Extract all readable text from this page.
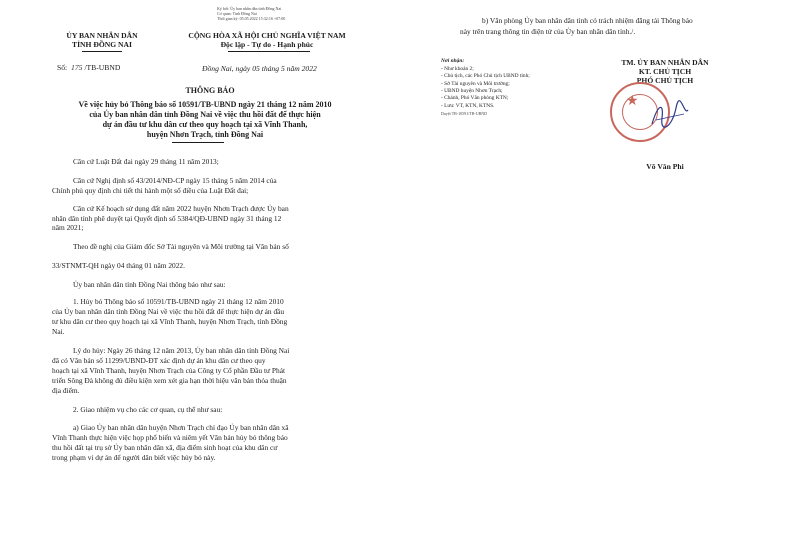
Ký bởi: Ủy ban nhân dân tỉnh Đồng Nai
Cơ quan: Tỉnh Đồng Nai
Thời gian ký: 05.05.2022 15:32:16 +07:00
ỦY BAN NHÂN DÂN
TỈNH ĐỒNG NAI
CỘNG HÒA XÃ HỘI CHỦ NGHĨA VIỆT NAM
Độc lập - Tự do - Hạnh phúc
Số: 175 /TB-UBND	Đồng Nai, ngày 05 tháng 5 năm 2022
THÔNG BÁO
Về việc hủy bỏ Thông báo số 10591/TB-UBND ngày 21 tháng 12 năm 2010
của Ủy ban nhân dân tỉnh Đồng Nai về việc thu hồi đất để thực hiện
dự án đầu tư khu dân cư theo quy hoạch tại xã Vĩnh Thanh,
huyện Nhơn Trạch, tỉnh Đồng Nai
Căn cứ Luật Đất đai ngày 29 tháng 11 năm 2013;
Căn cứ Nghị định số 43/2014/NĐ-CP ngày 15 tháng 5 năm 2014 của
Chính phủ quy định chi tiết thi hành một số điều của Luật Đất đai;
Căn cứ Kế hoạch sử dụng đất năm 2022 huyện Nhơn Trạch được Ủy ban
nhân dân tỉnh phê duyệt tại Quyết định số 5384/QĐ-UBND ngày 31 tháng 12
năm 2021;
Theo đề nghị của Giám đốc Sở Tài nguyên và Môi trường tại Văn bản số
33/STNMT-QH ngày 04 tháng 01 năm 2022.
Ủy ban nhân dân tỉnh Đồng Nai thông báo như sau:
1. Hủy bỏ Thông báo số 10591/TB-UBND ngày 21 tháng 12 năm 2010
của Ủy ban nhân dân tỉnh Đồng Nai về việc thu hồi đất để thực hiện dự án đầu
tư khu dân cư theo quy hoạch tại xã Vĩnh Thanh, huyện Nhơn Trạch, tỉnh Đồng
Nai.
Lý do hủy: Ngày 26 tháng 12 năm 2013, Ủy ban nhân dân tỉnh Đồng Nai
đã có Văn bản số 11299/UBND-ĐT xác định dự án khu dân cư theo quy
hoạch tại xã Vĩnh Thanh, huyện Nhơn Trạch của Công ty Cổ phần Đầu tư Phát
triển Sông Đà không đủ điều kiện xem xét gia hạn thời hiệu văn bản thỏa thuận
địa điểm.
2. Giao nhiệm vụ cho các cơ quan, cụ thể như sau:
a) Giao Ủy ban nhân dân huyện Nhơn Trạch chỉ đạo Ủy ban nhân dân xã
Vĩnh Thanh thực hiện việc họp phổ biến và niêm yết Văn bản hủy bỏ thông báo
thu hồi đất tại trụ sở Ủy ban nhân dân xã, địa điểm sinh hoạt của khu dân cư
trong phạm vi dự án để người dân biết việc hủy bỏ này.
b) Văn phòng Ủy ban nhân dân tỉnh có trách nhiệm đăng tải Thông báo
này trên trang thông tin điện tử của Ủy ban nhân dân tỉnh./.
Nơi nhận:
- Như khoản 2;
- Chủ tịch, các Phó Chủ tịch UBND tỉnh;
- Sở Tài nguyên và Môi trường;
- UBND huyện Nhơn Trạch;
- Chánh, Phó Văn phòng KTN;
- Lưu: VT, KTN, KTNS.
Duyệt TB-10591/TB-UBND
TM. ỦY BAN NHÂN DÂN
KT. CHỦ TỊCH
PHÓ CHỦ TỊCH
★
Võ Văn Phi
